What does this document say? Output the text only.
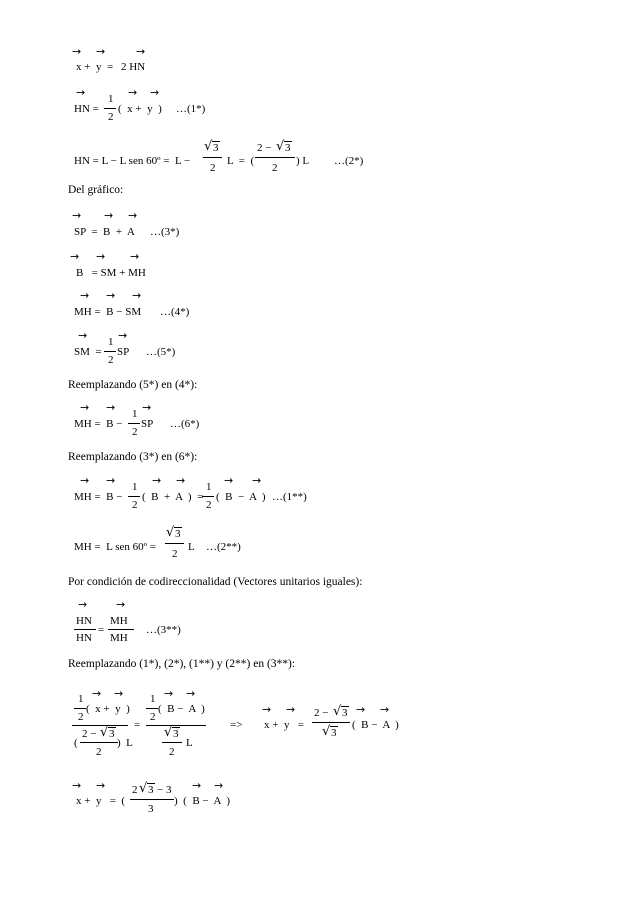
→ →	→
x +  y  = 2 HN
→	→ →
HN =
1
2
(  x +  y  ) …(1*)
HN = L − L sen 60º =  L −
√ 3
2
L  =  (
2 − √ 3
2
) L …(2*)
Del gráfico:
→ → →
SP  =  B  +  A …(3*)
→ → →
B   = SM + MH
→ → →
MH =  B − SM …(4*)
→	→
SM  =
1
2
SP …(5*)
Reemplazando (5*) en (4*):
→ → →
MH =  B −
1
2
SP …(6*)
Reemplazando (3*) en (6*):
→ →	→ →	→ →
MH =  B −
1
2
(  B  +  A  )  =
1
2
(  B  −  A  ) …(1**)
MH =  L sen 60º =
√ 3
2
L …(2**)
Por condición de codireccionalidad (Vectores unitarios iguales):
→	→
HN
HN
=
MH
MH
…(3**)
Reemplazando (1*), (2*), (1**) y (2**) en (3**):
1 → →
2
(  x +  y  )
(
2 − √ 3
2
)  L
=
1 → →
2
(  B −  A  )
√ 3
2
L
=>
→ →	→ →
x +  y   =
2 − √ 3
√ 3
(  B −  A  )
→ →	→ →
x +  y   =  (
2 √ 3 − 3
3
)  (  B −  A  )
